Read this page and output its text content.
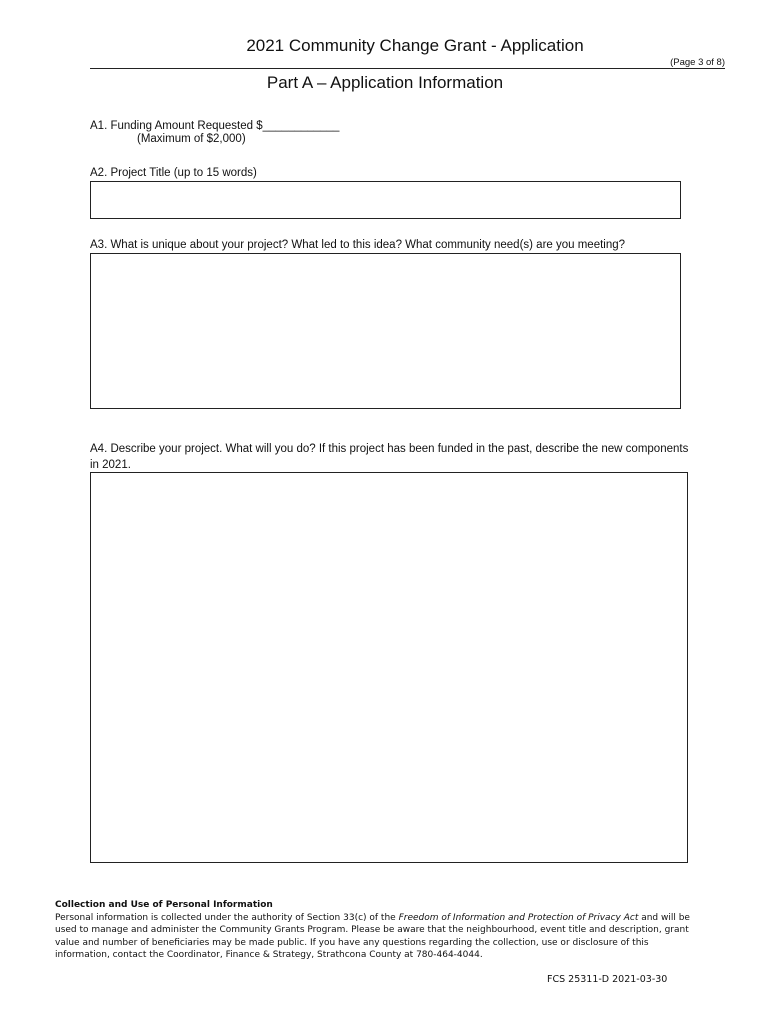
2021 Community Change Grant - Application
(Page 3 of 8)
Part A – Application Information
A1. Funding Amount Requested $____________
(Maximum of $2,000)
A2. Project Title (up to 15 words)
A3. What is unique about your project? What led to this idea? What community need(s) are you meeting?
A4. Describe your project. What will you do? If this project has been funded in the past, describe the new components in 2021.
Collection and Use of Personal Information
Personal information is collected under the authority of Section 33(c) of the Freedom of Information and Protection of Privacy Act and will be used to manage and administer the Community Grants Program. Please be aware that the neighbourhood, event title and description, grant value and number of beneficiaries may be made public. If you have any questions regarding the collection, use or disclosure of this information, contact the Coordinator, Finance & Strategy, Strathcona County at 780-464-4044.
FCS 25311-D 2021-03-30
